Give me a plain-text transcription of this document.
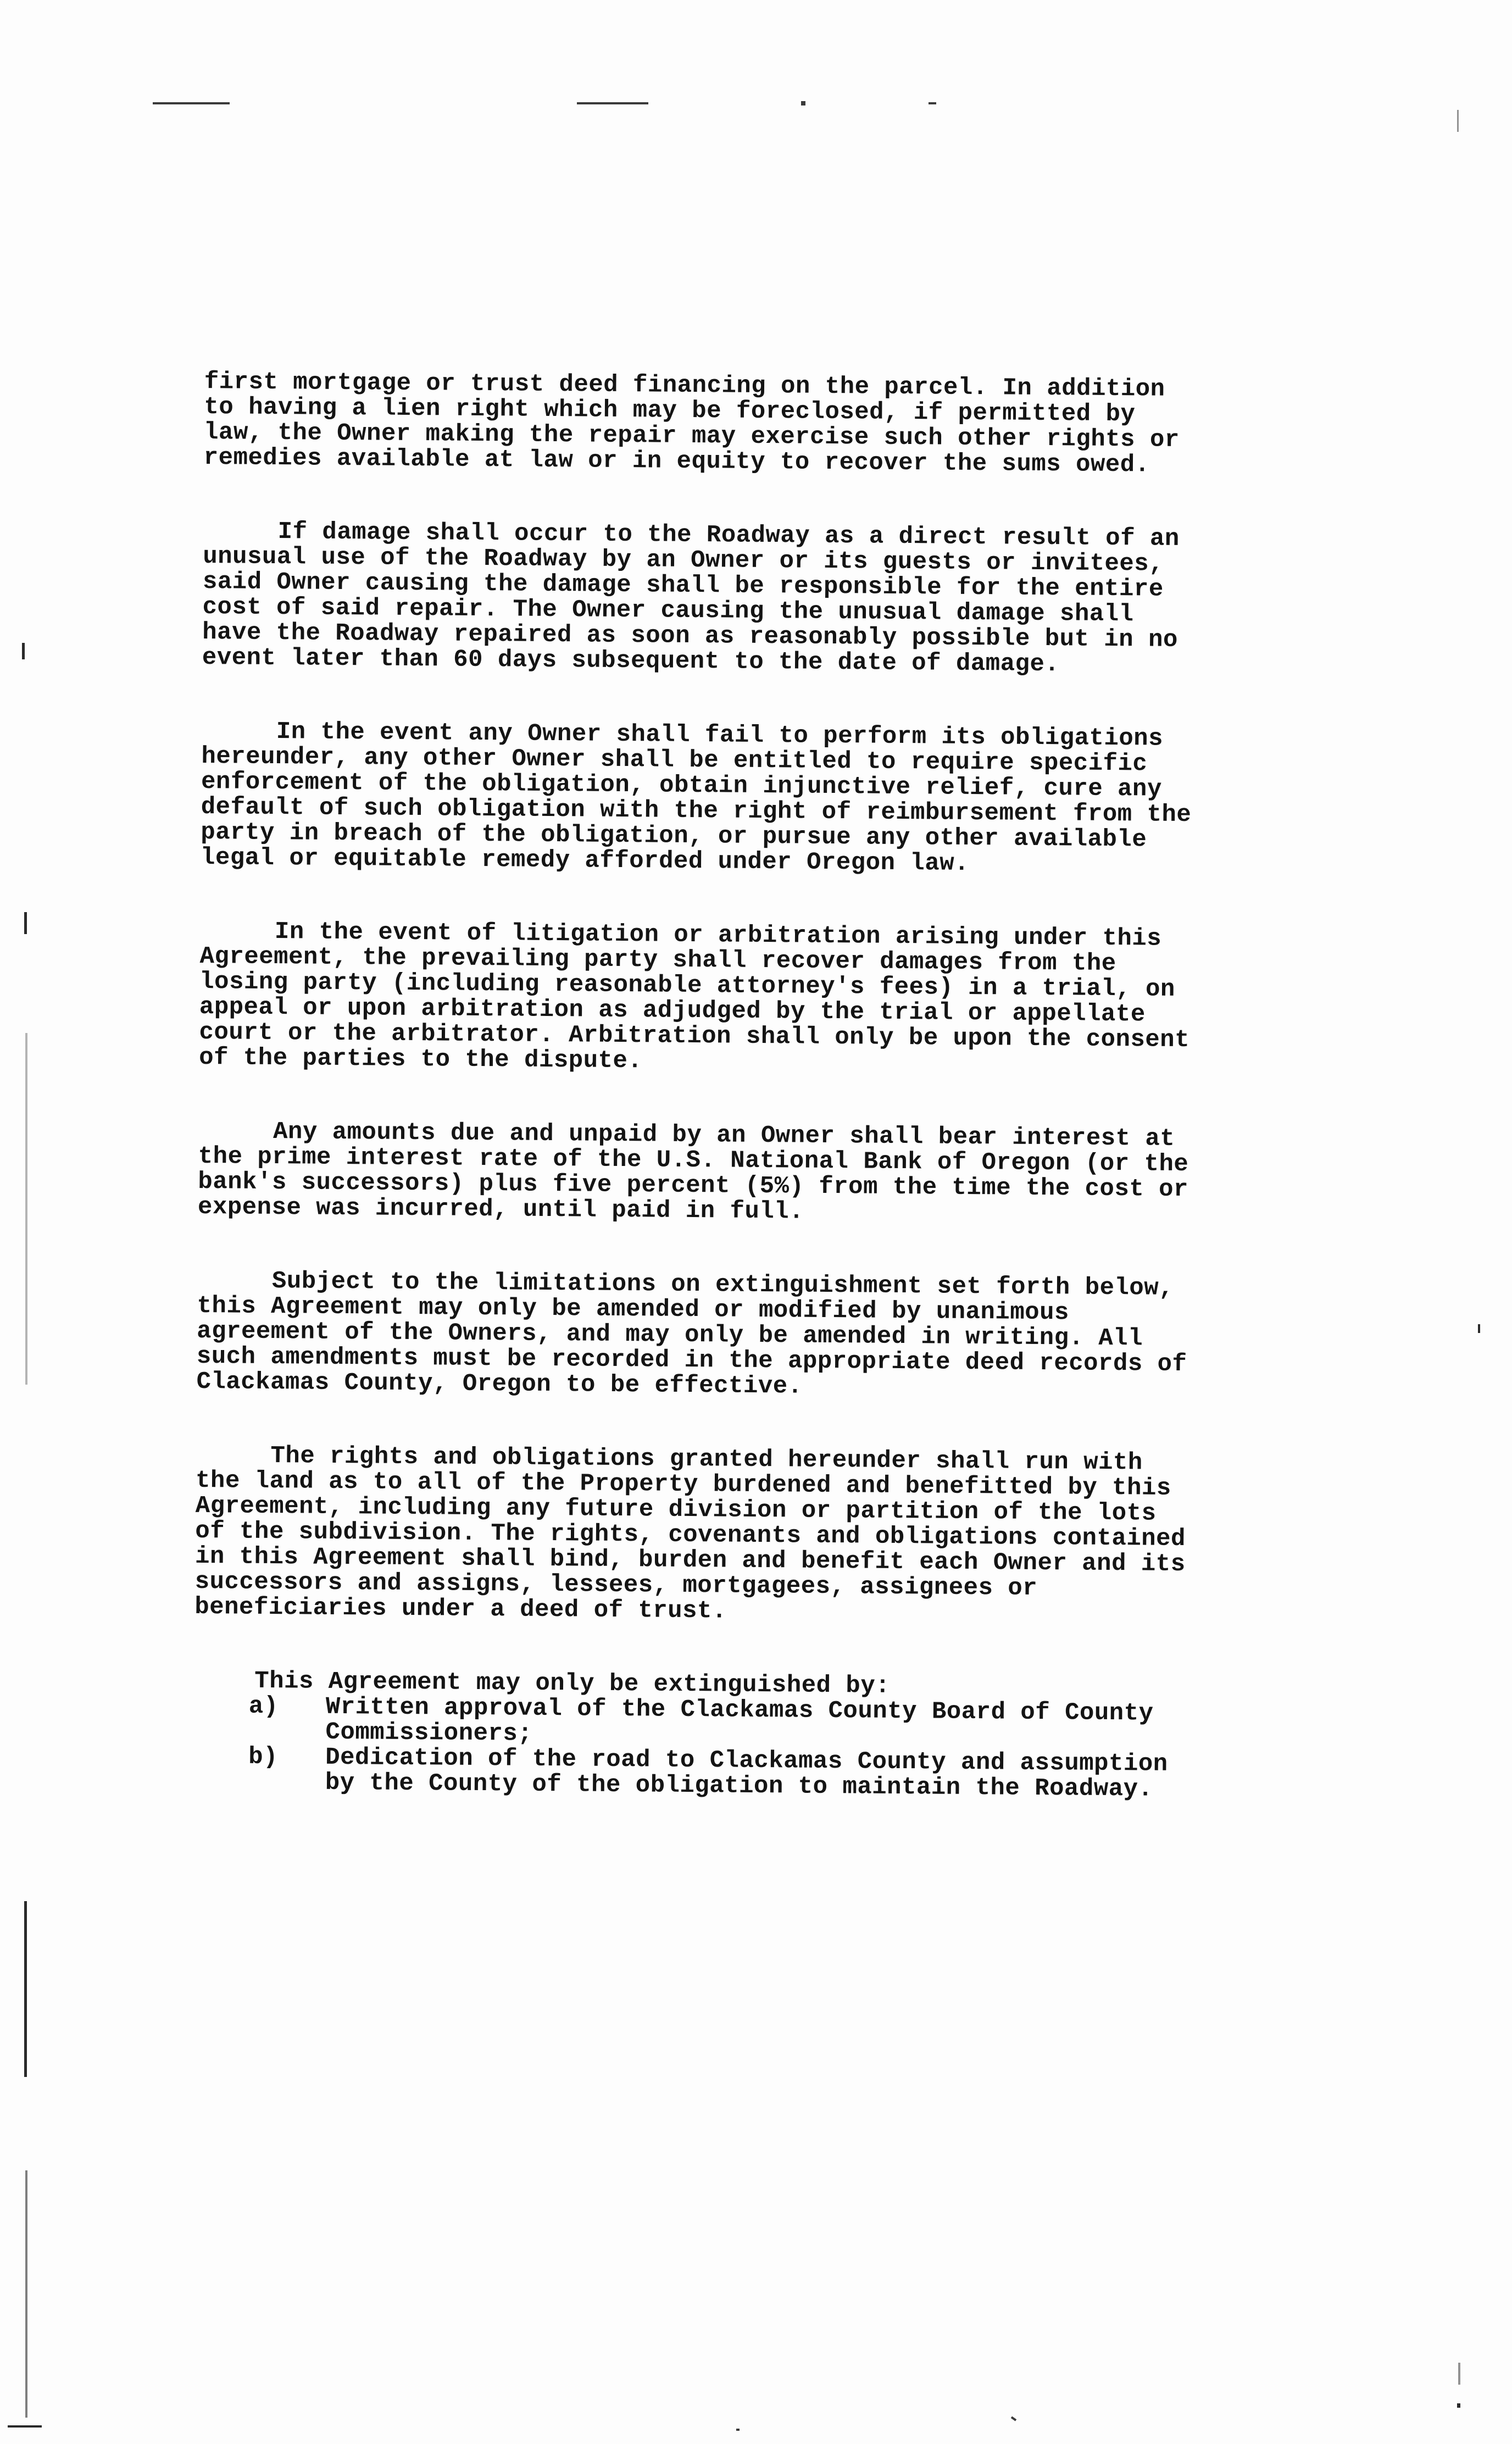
first mortgage or trust deed financing on the parcel. In addition to having a lien right which may be foreclosed, if permitted by law, the Owner making the repair may exercise such other rights or remedies available at law or in equity to recover the sums owed.

If damage shall occur to the Roadway as a direct result of an unusual use of the Roadway by an Owner or its guests or invitees, said Owner causing the damage shall be responsible for the entire cost of said repair. The Owner causing the unusual damage shall have the Roadway repaired as soon as reasonably possible but in no event later than 60 days subsequent to the date of damage.

In the event any Owner shall fail to perform its obligations hereunder, any other Owner shall be entitled to require specific enforcement of the obligation, obtain injunctive relief, cure any default of such obligation with the right of reimbursement from the party in breach of the obligation, or pursue any other available legal or equitable remedy afforded under Oregon law.

In the event of litigation or arbitration arising under this Agreement, the prevailing party shall recover damages from the losing party (including reasonable attorney's fees) in a trial, on appeal or upon arbitration as adjudged by the trial or appellate court or the arbitrator. Arbitration shall only be upon the consent of the parties to the dispute.

Any amounts due and unpaid by an Owner shall bear interest at the prime interest rate of the U.S. National Bank of Oregon (or the bank's successors) plus five percent (5%) from the time the cost or expense was incurred, until paid in full.

Subject to the limitations on extinguishment set forth below, this Agreement may only be amended or modified by unanimous agreement of the Owners, and may only be amended in writing. All such amendments must be recorded in the appropriate deed records of Clackamas County, Oregon to be effective.

The rights and obligations granted hereunder shall run with the land as to all of the Property burdened and benefitted by this Agreement, including any future division or partition of the lots of the subdivision. The rights, covenants and obligations contained in this Agreement shall bind, burden and benefit each Owner and its successors and assigns, lessees, mortgagees, assignees or beneficiaries under a deed of trust.

This Agreement may only be extinguished by:

a)	Written approval of the Clackamas County Board of County Commissioners;
b)	Dedication of the road to Clackamas County and assumption by the County of the obligation to maintain the Roadway.
